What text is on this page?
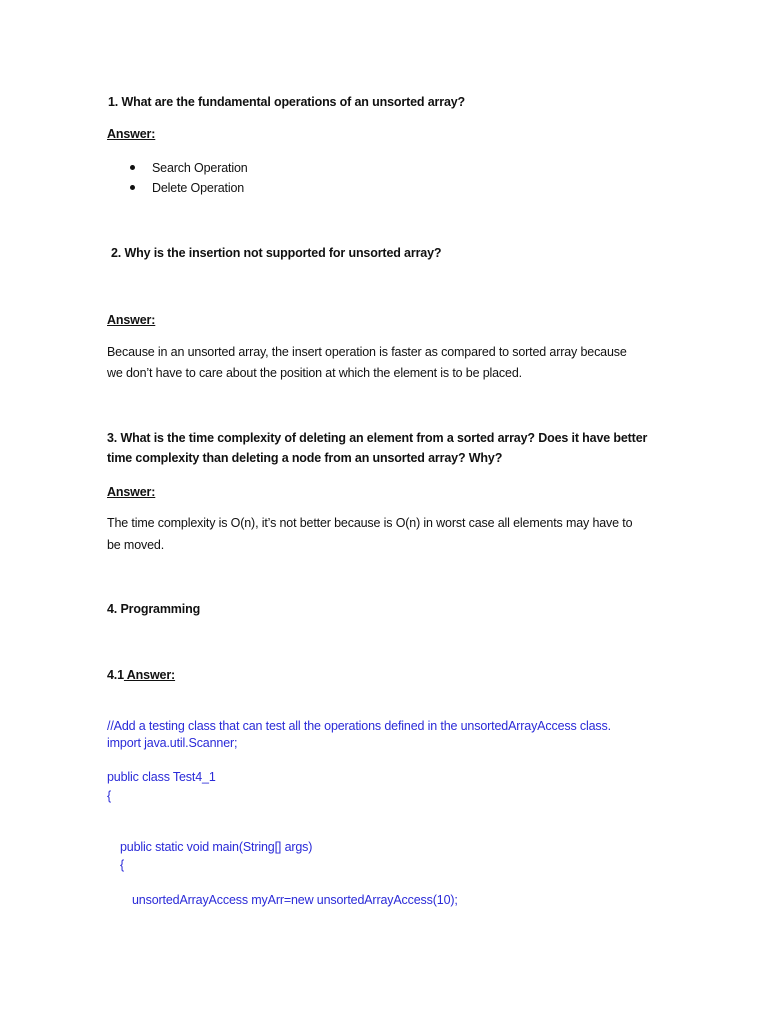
1. What are the fundamental operations of an unsorted array?

Answer:

Search Operation

Delete Operation

2. Why is the insertion not supported for unsorted array?

Answer:

Because in an unsorted array, the insert operation is faster as compared to sorted array because

we don’t have to care about the position at which the element is to be placed.

3. What is the time complexity of deleting an element from a sorted array? Does it have better

time complexity than deleting a node from an unsorted array? Why?

Answer:

The time complexity is O(n), it’s not better because is O(n) in worst case all elements may have to

be moved.

4. Programming

4.1 Answer:

//Add a testing class that can test all the operations defined in the unsortedArrayAccess class.

import java.util.Scanner;

public class Test4_1

{

public static void main(String[] args)

{

unsortedArrayAccess myArr=new unsortedArrayAccess(10);
